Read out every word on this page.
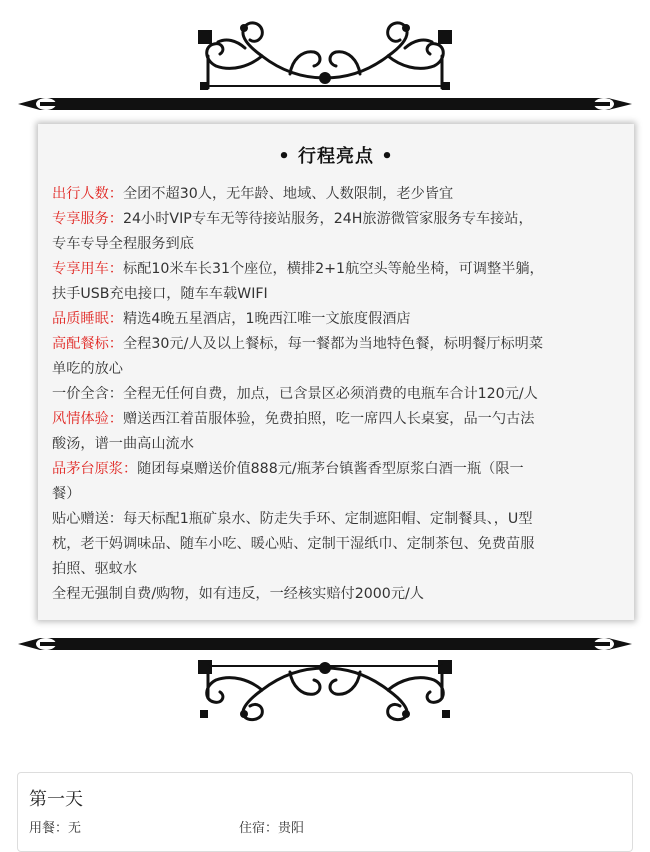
• 行程亮点 •
出行人数：全团不超30人，无年龄、地域、人数限制，老少皆宜
专享服务：24小时VIP专车无等待接站服务，24H旅游微管家服务专车接站，
专车专导全程服务到底
专享用车：标配10米车长31个座位，横排2+1航空头等舱坐椅，可调整半躺，
扶手USB充电接口，随车车载WIFI
品质睡眠：精选4晚五星酒店，1晚西江唯一文旅度假酒店
高配餐标：全程30元/人及以上餐标，每一餐都为当地特色餐，标明餐厅标明菜
单吃的放心
一价全含：全程无任何自费，加点，已含景区必须消费的电瓶车合计120元/人
风情体验：赠送西江着苗服体验，免费拍照，吃一席四人长桌宴，品一勺古法
酸汤，谱一曲高山流水
品茅台原浆：随团每桌赠送价值888元/瓶茅台镇酱香型原浆白酒一瓶（限一
餐）
贴心赠送：每天标配1瓶矿泉水、防走失手环、定制遮阳帽、定制餐具、，U型
枕，老干妈调味品、随车小吃、暖心贴、定制干湿纸巾、定制茶包、免费苗服
拍照、驱蚊水
全程无强制自费/购物，如有违反，一经核实赔付2000元/人
第一天
用餐：无	住宿：贵阳
